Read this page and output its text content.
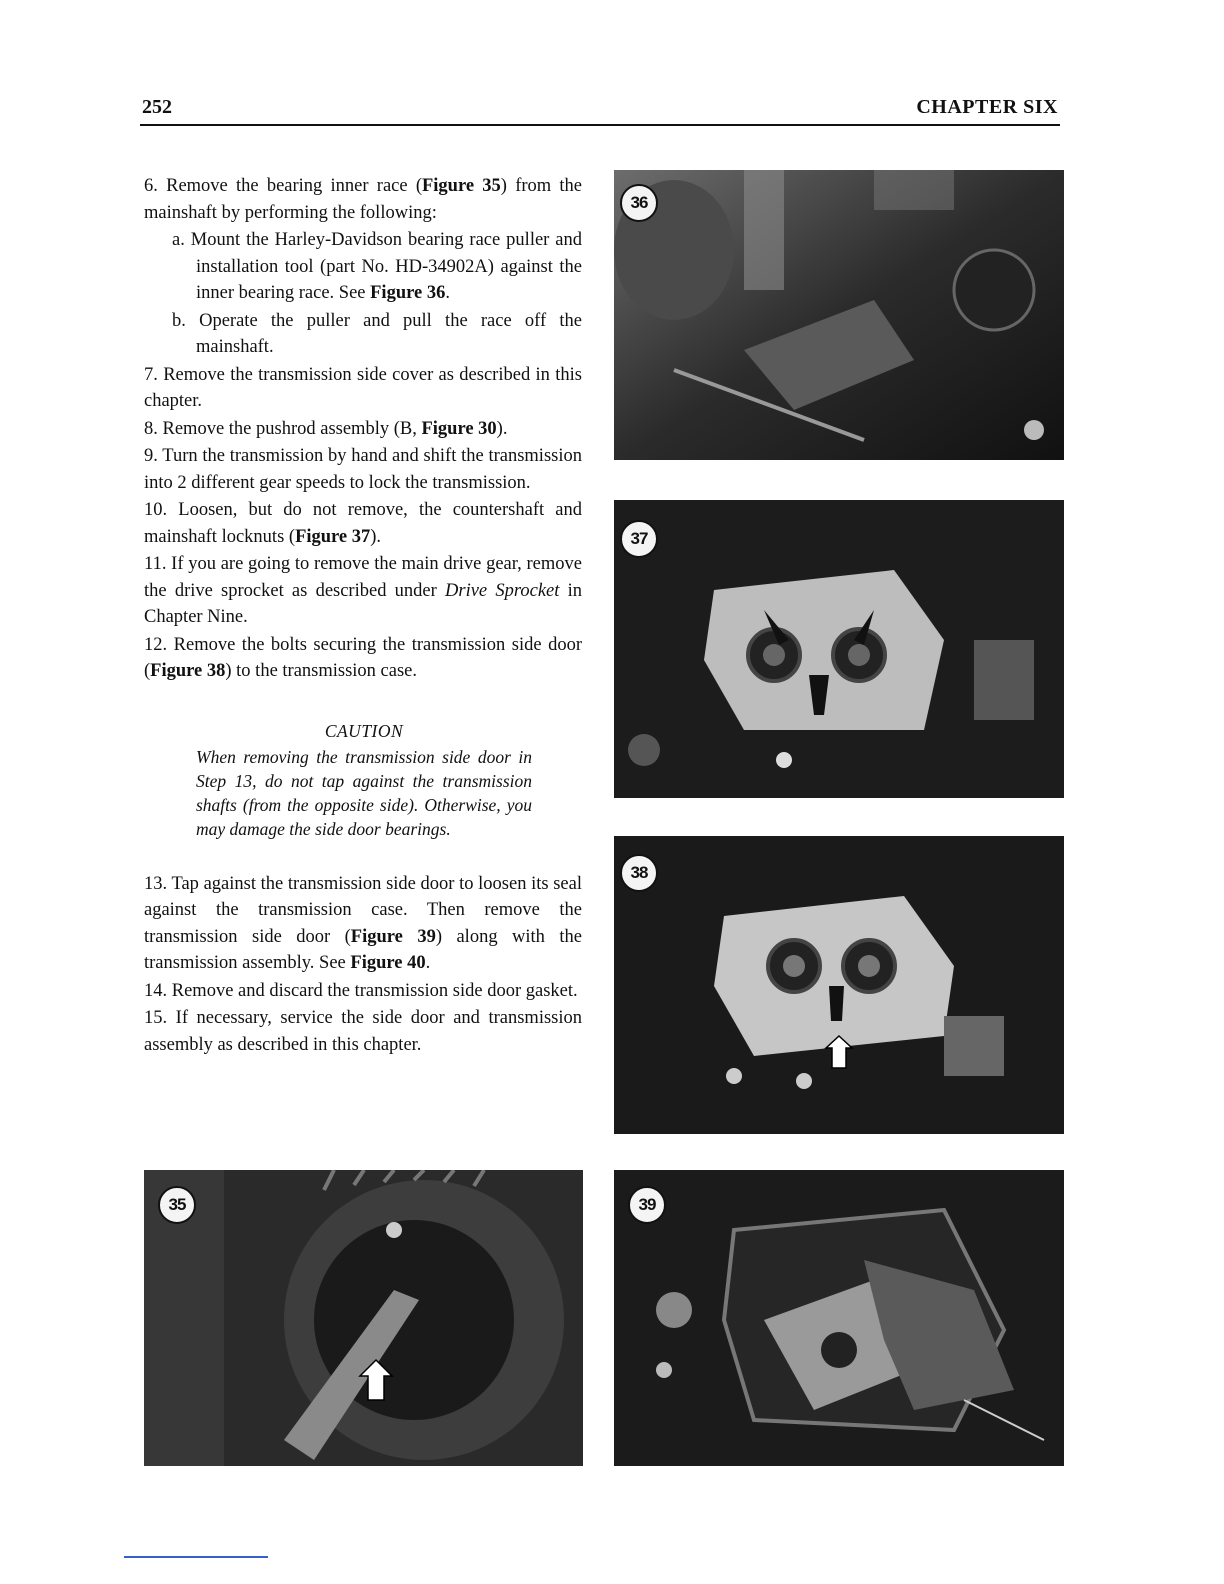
252	CHAPTER SIX

6. Remove the bearing inner race (Figure 35) from the mainshaft by performing the following:

a. Mount the Harley-Davidson bearing race puller and installation tool (part No. HD-34902A) against the inner bearing race. See Figure 36.

b. Operate the puller and pull the race off the mainshaft.

7. Remove the transmission side cover as described in this chapter.

8. Remove the pushrod assembly (B, Figure 30).

9. Turn the transmission by hand and shift the transmission into 2 different gear speeds to lock the transmission.

10. Loosen, but do not remove, the countershaft and mainshaft locknuts (Figure 37).

11. If you are going to remove the main drive gear, remove the drive sprocket as described under Drive Sprocket in Chapter Nine.

12. Remove the bolts securing the transmission side door (Figure 38) to the transmission case.

CAUTION
When removing the transmission side door in Step 13, do not tap against the transmission shafts (from the opposite side). Otherwise, you may damage the side door bearings.

13. Tap against the transmission side door to loosen its seal against the transmission case. Then remove the transmission side door (Figure 39) along with the transmission assembly. See Figure 40.

14. Remove and discard the transmission side door gasket.

15. If necessary, service the side door and transmission assembly as described in this chapter.

36
37
38
35	39
